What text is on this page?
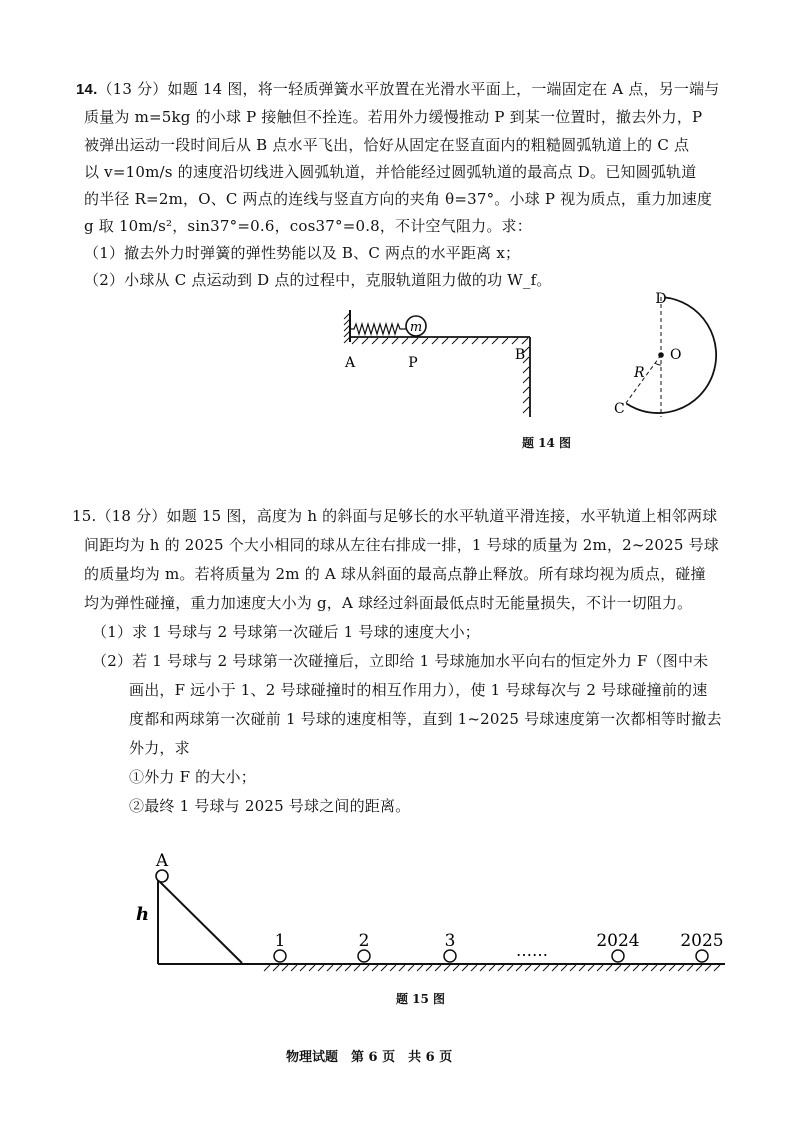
14.（13 分）如题 14 图，将一轻质弹簧水平放置在光滑水平面上，一端固定在 A 点，另一端与
质量为 m=5kg 的小球 P 接触但不拴连。若用外力缓慢推动 P 到某一位置时，撤去外力，P
被弹出运动一段时间后从 B 点水平飞出，恰好从固定在竖直面内的粗糙圆弧轨道上的 C 点
以 v=10m/s 的速度沿切线进入圆弧轨道，并恰能经过圆弧轨道的最高点 D。已知圆弧轨道
的半径 R=2m，O、C 两点的连线与竖直方向的夹角 θ=37°。小球 P 视为质点，重力加速度
g 取 10m/s²，sin37°=0.6，cos37°=0.8，不计空气阻力。求：
（1）撤去外力时弹簧的弹性势能以及 B、C 两点的水平距离 x；
（2）小球从 C 点运动到 D 点的过程中，克服轨道阻力做的功 W_f。
m
A	P	B
D
O
R
C
题 14 图
15.（18 分）如题 15 图，高度为 h 的斜面与足够长的水平轨道平滑连接，水平轨道上相邻两球
间距均为 h 的 2025 个大小相同的球从左往右排成一排，1 号球的质量为 2m，2~2025 号球
的质量均为 m。若将质量为 2m 的 A 球从斜面的最高点静止释放。所有球均视为质点，碰撞
均为弹性碰撞，重力加速度大小为 g，A 球经过斜面最低点时无能量损失，不计一切阻力。
（1）求 1 号球与 2 号球第一次碰后 1 号球的速度大小；
（2）若 1 号球与 2 号球第一次碰撞后，立即给 1 号球施加水平向右的恒定外力 F（图中未
画出，F 远小于 1、2 号球碰撞时的相互作用力），使 1 号球每次与 2 号球碰撞前的速
度都和两球第一次碰前 1 号球的速度相等，直到 1~2025 号球速度第一次都相等时撤去
外力，求
①外力 F 的大小；
②最终 1 号球与 2025 号球之间的距离。
A
h
1	2	3	2024 2025
……
题 15 图
物理试题　第 6 页　共 6 页
